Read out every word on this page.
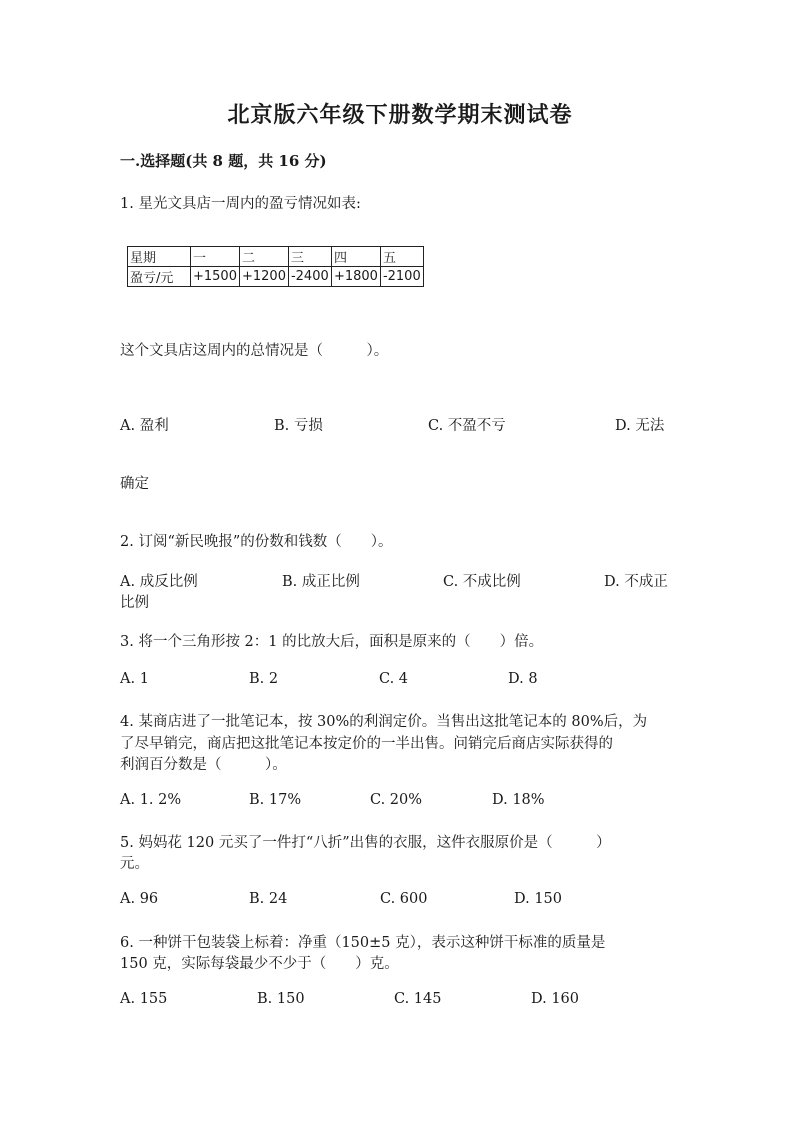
北京版六年级下册数学期末测试卷
一.选择题(共 8 题，共 16 分)
1. 星光文具店一周内的盈亏情况如表:
星期	一	二	三	四	五
盈亏/元	+1500	+1200	-2400	+1800	-2100
这个文具店这周内的总情况是（　　　）。
A. 盈利	B. 亏损	C. 不盈不亏	D. 无法
确定
2. 订阅“新民晚报”的份数和钱数（　　）。
A. 成反比例	B. 成正比例	C. 不成比例	D. 不成正
比例
3. 将一个三角形按 2：1 的比放大后，面积是原来的（　　）倍。
A. 1	B. 2	C. 4	D. 8
4. 某商店进了一批笔记本，按 30%的利润定价。当售出这批笔记本的 80%后，为
了尽早销完，商店把这批笔记本按定价的一半出售。问销完后商店实际获得的
利润百分数是（　　　）。
A. 1. 2%	B. 17%	C. 20%	D. 18%
5. 妈妈花 120 元买了一件打“八折”出售的衣服，这件衣服原价是（　　　）
元。
A. 96	B. 24	C. 600	D. 150
6. 一种饼干包装袋上标着：净重（150±5 克），表示这种饼干标准的质量是
150 克，实际每袋最少不少于（　　）克。
A. 155	B. 150	C. 145	D. 160
